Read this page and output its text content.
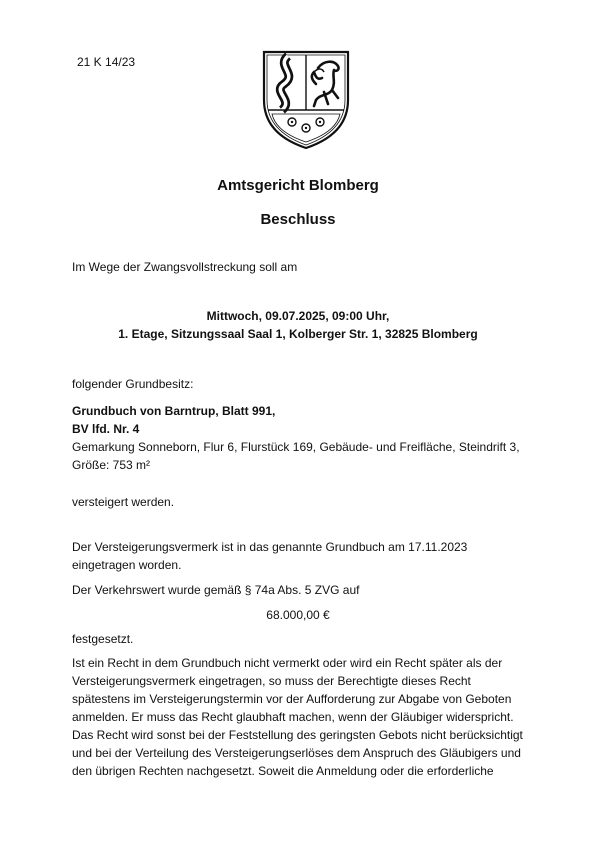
21 K 14/23
Amtsgericht Blomberg
Beschluss
Im Wege der Zwangsvollstreckung soll am
Mittwoch, 09.07.2025, 09:00 Uhr,
1. Etage, Sitzungssaal Saal 1, Kolberger Str. 1, 32825 Blomberg
folgender Grundbesitz:
Grundbuch von Barntrup, Blatt 991,
BV lfd. Nr. 4
Gemarkung Sonneborn, Flur 6, Flurstück 169, Gebäude- und Freifläche, Steindrift 3,
Größe: 753 m²
versteigert werden.
Der Versteigerungsvermerk ist in das genannte Grundbuch am 17.11.2023
eingetragen worden.
Der Verkehrswert wurde gemäß § 74a Abs. 5 ZVG auf
68.000,00 €
festgesetzt.
Ist ein Recht in dem Grundbuch nicht vermerkt oder wird ein Recht später als der
Versteigerungsvermerk eingetragen, so muss der Berechtigte dieses Recht
spätestens im Versteigerungstermin vor der Aufforderung zur Abgabe von Geboten
anmelden. Er muss das Recht glaubhaft machen, wenn der Gläubiger widerspricht.
Das Recht wird sonst bei der Feststellung des geringsten Gebots nicht berücksichtigt
und bei der Verteilung des Versteigerungserlöses dem Anspruch des Gläubigers und
den übrigen Rechten nachgesetzt. Soweit die Anmeldung oder die erforderliche
